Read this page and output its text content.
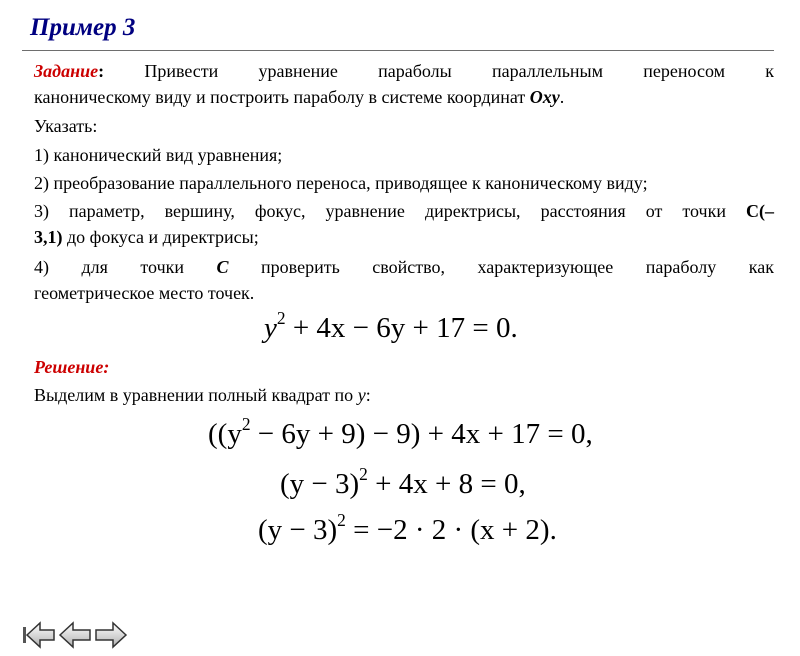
Пример 3
Задание: Привести уравнение параболы параллельным переносом к
каноническому виду и построить параболу в системе координат Oxy.
Указать:
1) канонический вид уравнения;
2) преобразование параллельного переноса, приводящее к каноническому виду;
3) параметр, вершину, фокус, уравнение директрисы, расстояния от точки C(–
3,1) до фокуса и директрисы;
4) для точки C проверить свойство, характеризующее параболу как
геометрическое место точек.
$y^2 + 4x - 6y + 17 = 0$.
Решение:
Выделим в уравнении полный квадрат по y:
$((y^2 - 6y + 9) - 9) + 4x + 17 = 0$,
$(y - 3)^2 + 4x + 8 = 0$,
$(y - 3)^2 = -2 \cdot 2 \cdot (x + 2)$.
